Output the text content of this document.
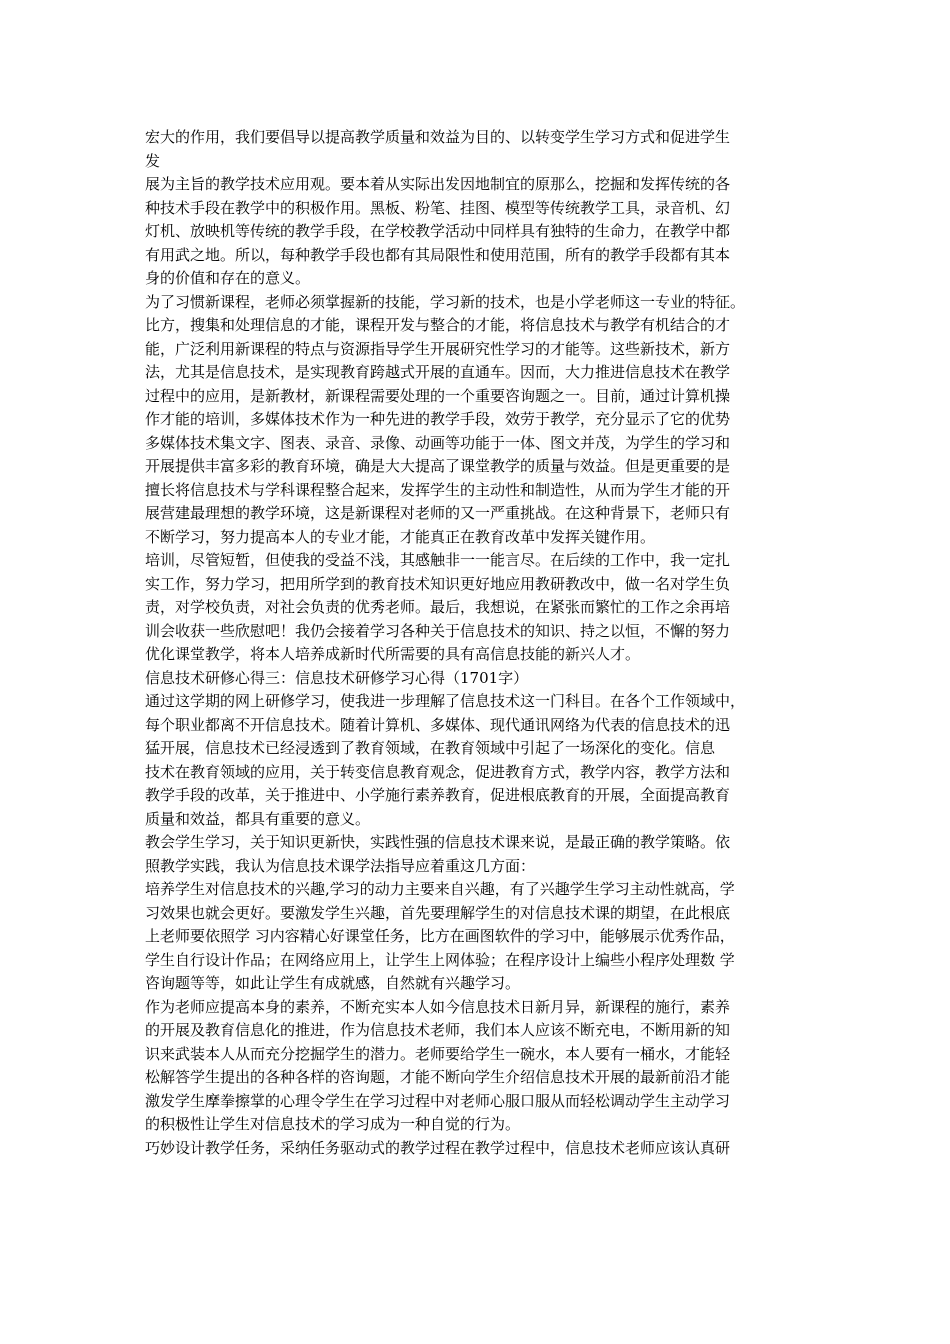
宏大的作用，我们要倡导以提高教学质量和效益为目的、以转变学生学习方式和促进学生
发
展为主旨的教学技术应用观。要本着从实际出发因地制宜的原那么，挖掘和发挥传统的各
种技术手段在教学中的积极作用。黑板、粉笔、挂图、模型等传统教学工具，录音机、幻
灯机、放映机等传统的教学手段，在学校教学活动中同样具有独特的生命力，在教学中都
有用武之地。所以，每种教学手段也都有其局限性和使用范围，所有的教学手段都有其本
身的价值和存在的意义。
为了习惯新课程，老师必须掌握新的技能，学习新的技术，也是小学老师这一专业的特征。
比方，搜集和处理信息的才能，课程开发与整合的才能，将信息技术与教学有机结合的才
能，广泛利用新课程的特点与资源指导学生开展研究性学习的才能等。这些新技术，新方
法，尤其是信息技术，是实现教育跨越式开展的直通车。因而，大力推进信息技术在教学
过程中的应用，是新教材，新课程需要处理的一个重要咨询题之一。目前，通过计算机操
作才能的培训，多媒体技术作为一种先进的教学手段，效劳于教学，充分显示了它的优势
多媒体技术集文字、图表、录音、录像、动画等功能于一体、图文并茂，为学生的学习和
开展提供丰富多彩的教育环境，确是大大提高了课堂教学的质量与效益。但是更重要的是
擅长将信息技术与学科课程整合起来，发挥学生的主动性和制造性，从而为学生才能的开
展营建最理想的教学环境，这是新课程对老师的又一严重挑战。在这种背景下，老师只有
不断学习，努力提高本人的专业才能，才能真正在教育改革中发挥关键作用。
培训，尽管短暂，但使我的受益不浅，其感触非一一能言尽。在后续的工作中，我一定扎
实工作，努力学习，把用所学到的教育技术知识更好地应用教研教改中，做一名对学生负
责，对学校负责，对社会负责的优秀老师。最后，我想说，在紧张而繁忙的工作之余再培
训会收获一些欣慰吧！我仍会接着学习各种关于信息技术的知识、持之以恒，不懈的努力
优化课堂教学，将本人培养成新时代所需要的具有高信息技能的新兴人才。
信息技术研修心得三：信息技术研修学习心得（1701字）
通过这学期的网上研修学习，使我进一步理解了信息技术这一门科目。在各个工作领域中，
每个职业都离不开信息技术。随着计算机、多媒体、现代通讯网络为代表的信息技术的迅
猛开展，信息技术已经浸透到了教育领域，在教育领域中引起了一场深化的变化。信息
技术在教育领域的应用，关于转变信息教育观念，促进教育方式，教学内容，教学方法和
教学手段的改革，关于推进中、小学施行素养教育，促进根底教育的开展，全面提高教育
质量和效益，都具有重要的意义。
教会学生学习，关于知识更新快，实践性强的信息技术课来说，是最正确的教学策略。依
照教学实践，我认为信息技术课学法指导应着重这几方面：
培养学生对信息技术的兴趣,学习的动力主要来自兴趣，有了兴趣学生学习主动性就高，学
习效果也就会更好。要激发学生兴趣，首先要理解学生的对信息技术课的期望，在此根底
上老师要依照学 习内容精心好课堂任务，比方在画图软件的学习中，能够展示优秀作品，
学生自行设计作品；在网络应用上，让学生上网体验；在程序设计上编些小程序处理数 学
咨询题等等，如此让学生有成就感，自然就有兴趣学习。
作为老师应提高本身的素养，不断充实本人如今信息技术日新月异，新课程的施行，素养
的开展及教育信息化的推进，作为信息技术老师，我们本人应该不断充电，不断用新的知
识来武装本人从而充分挖掘学生的潜力。老师要给学生一碗水，本人要有一桶水，才能轻
松解答学生提出的各种各样的咨询题，才能不断向学生介绍信息技术开展的最新前沿才能
激发学生摩拳擦掌的心理令学生在学习过程中对老师心服口服从而轻松调动学生主动学习
的积极性让学生对信息技术的学习成为一种自觉的行为。
巧妙设计教学任务，采纳任务驱动式的教学过程在教学过程中，信息技术老师应该认真研
